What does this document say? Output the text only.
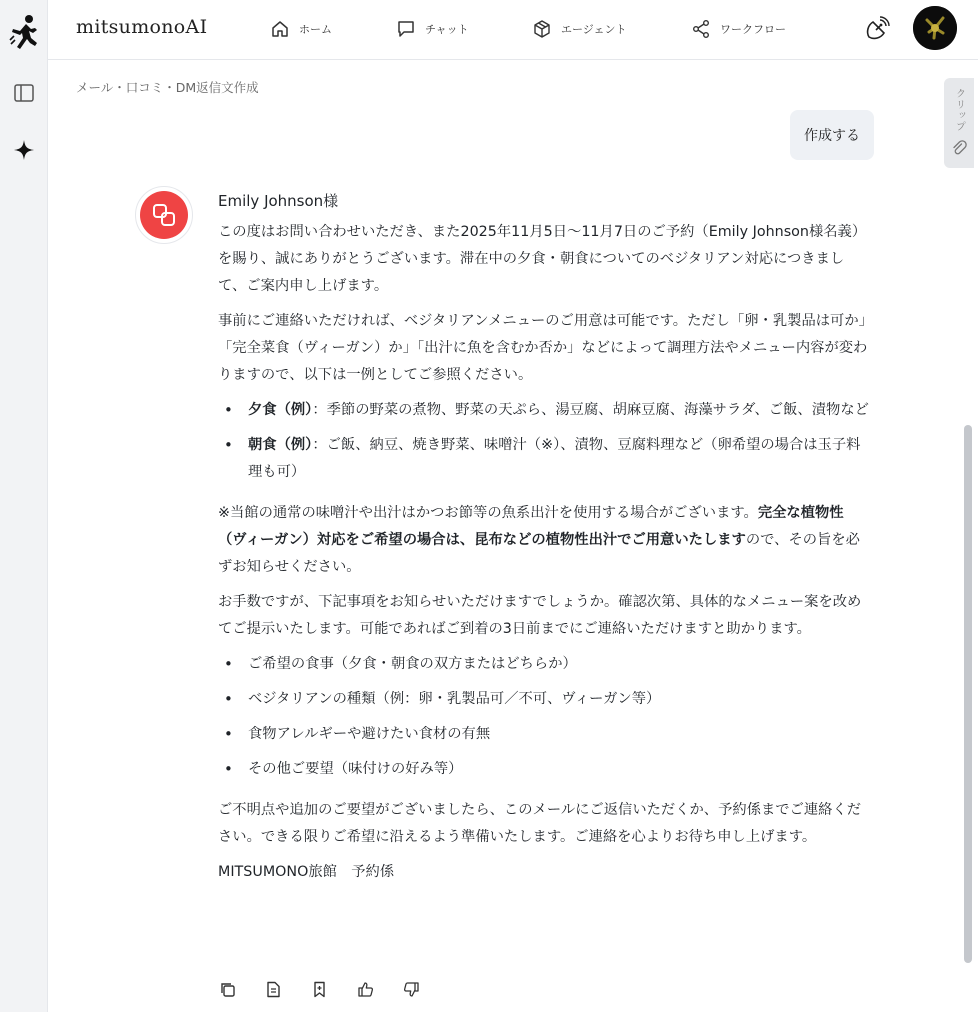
mitsumonoAI	ホーム	チャット	エージェント	ワークフロー
メール・口コミ・DM返信文作成
作成する

Emily Johnson様

この度はお問い合わせいただき、また2025年11月5日〜11月7日のご予約（Emily Johnson様名義）を賜り、誠にありがとうございます。滞在中の夕食・朝食についてのベジタリアン対応につきまして、ご案内申し上げます。

事前にご連絡いただければ、ベジタリアンメニューのご用意は可能です。ただし「卵・乳製品は可か」「完全菜食（ヴィーガン）か」「出汁に魚を含むか否か」などによって調理方法やメニュー内容が変わりますので、以下は一例としてご参照ください。

• 夕食（例）：季節の野菜の煮物、野菜の天ぷら、湯豆腐、胡麻豆腐、海藻サラダ、ご飯、漬物など
• 朝食（例）：ご飯、納豆、焼き野菜、味噌汁（※）、漬物、豆腐料理など（卵希望の場合は玉子料理も可）

※当館の通常の味噌汁や出汁はかつお節等の魚系出汁を使用する場合がございます。完全な植物性（ヴィーガン）対応をご希望の場合は、昆布などの植物性出汁でご用意いたしますので、その旨を必ずお知らせください。

お手数ですが、下記事項をお知らせいただけますでしょうか。確認次第、具体的なメニュー案を改めてご提示いたします。可能であればご到着の3日前までにご連絡いただけますと助かります。

• ご希望の食事（夕食・朝食の双方またはどちらか）
• ベジタリアンの種類（例：卵・乳製品可／不可、ヴィーガン等）
• 食物アレルギーや避けたい食材の有無
• その他ご要望（味付けの好み等）

ご不明点や追加のご要望がございましたら、このメールにご返信いただくか、予約係までご連絡ください。できる限りご希望に沿えるよう準備いたします。ご連絡を心よりお待ち申し上げます。

MITSUMONO旅館　予約係

クリップ
